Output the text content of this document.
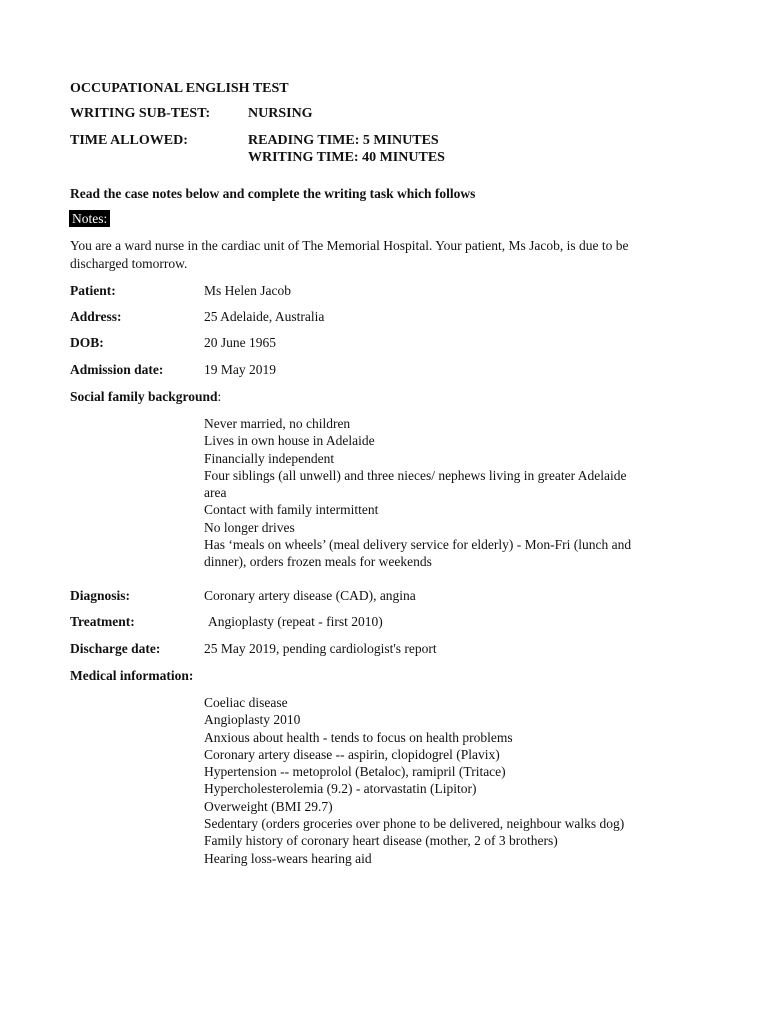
OCCUPATIONAL ENGLISH TEST
WRITING SUB-TEST:	NURSING
TIME ALLOWED:	READING TIME: 5 MINUTES
WRITING TIME: 40 MINUTES
Read the case notes below and complete the writing task which follows
Notes:
You are a ward nurse in the cardiac unit of The Memorial Hospital. Your patient, Ms Jacob, is due to be
discharged tomorrow.
Patient:	Ms Helen Jacob
Address:	25 Adelaide, Australia
DOB:	20 June 1965
Admission date:	19 May 2019
Social family background:
Never married, no children
Lives in own house in Adelaide
Financially independent
Four siblings (all unwell) and three nieces/ nephews living in greater Adelaide
area
Contact with family intermittent
No longer drives
Has ‘meals on wheels’ (meal delivery service for elderly) - Mon-Fri (lunch and
dinner), orders frozen meals for weekends
Diagnosis:	Coronary artery disease (CAD), angina
Treatment:	Angioplasty (repeat - first 2010)
Discharge date:	25 May 2019, pending cardiologist's report
Medical information:
Coeliac disease
Angioplasty 2010
Anxious about health - tends to focus on health problems
Coronary artery disease -- aspirin, clopidogrel (Plavix)
Hypertension -- metoprolol (Betaloc), ramipril (Tritace)
Hypercholesterolemia (9.2) - atorvastatin (Lipitor)
Overweight (BMI 29.7)
Sedentary (orders groceries over phone to be delivered, neighbour walks dog)
Family history of coronary heart disease (mother, 2 of 3 brothers)
Hearing loss-wears hearing aid
